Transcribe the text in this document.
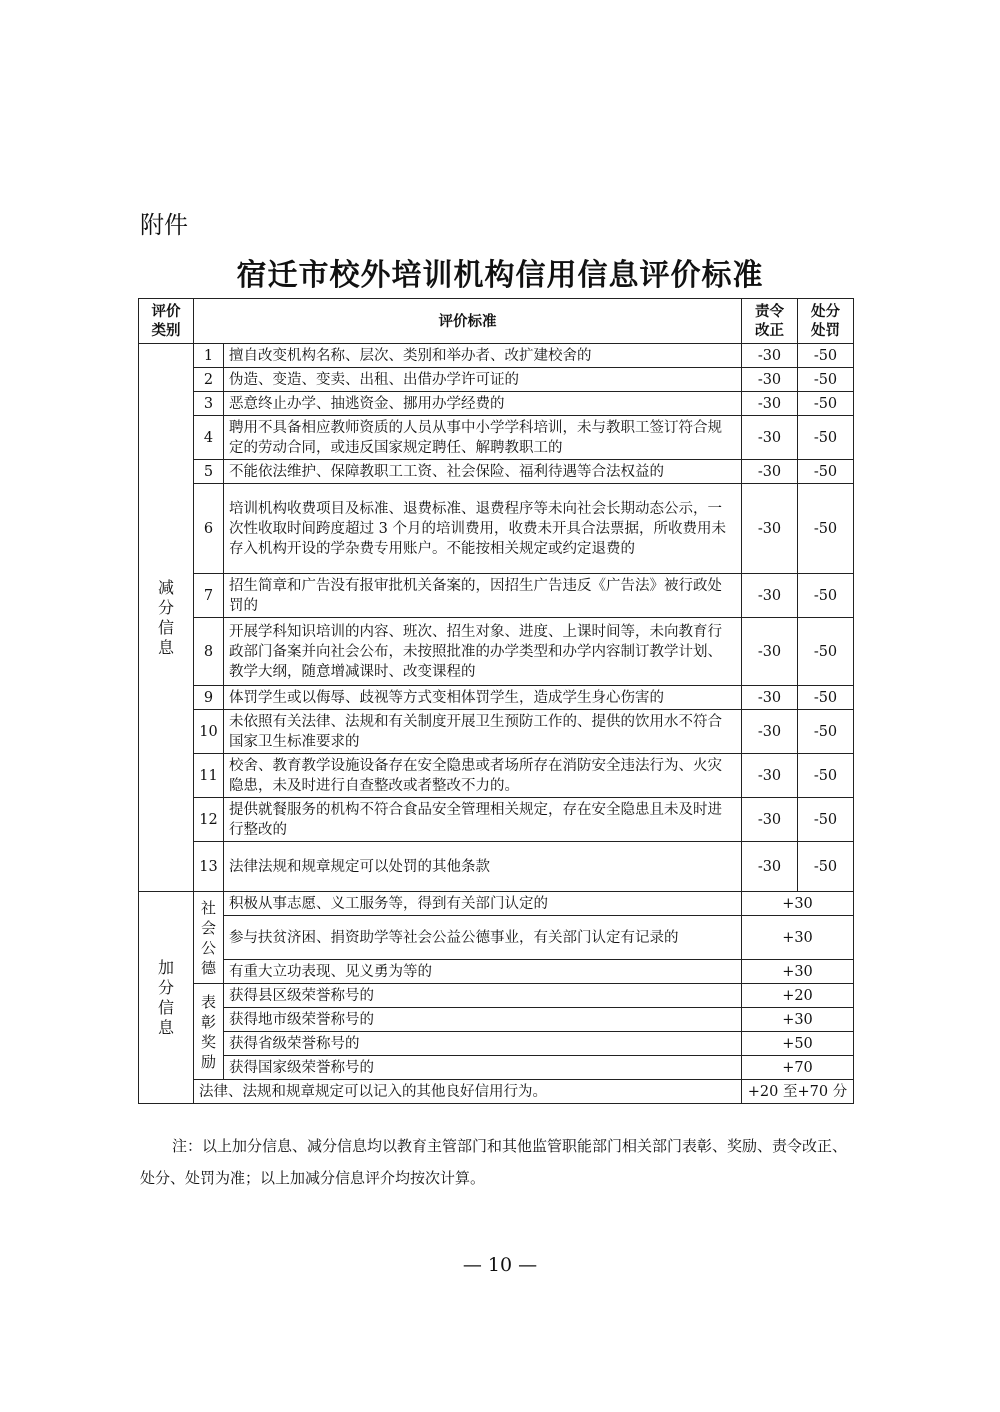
附件
宿迁市校外培训机构信用信息评价标准
评价
类别	评价标准		责令
改正	处分
处罚

减
分
信
息	1	擅自改变机构名称、层次、类别和举办者、改扩建校舍的	-30	-50
	2	伪造、变造、变卖、出租、出借办学许可证的	-30	-50
	3	恶意终止办学、抽逃资金、挪用办学经费的	-30	-50
	4	聘用不具备相应教师资质的人员从事中小学学科培训，未与教职工签订符合规定的劳动合同，或违反国家规定聘任、解聘教职工的	-30	-50
	5	不能依法维护、保障教职工工资、社会保险、福利待遇等合法权益的	-30	-50
	6	培训机构收费项目及标准、退费标准、退费程序等未向社会长期动态公示，一次性收取时间跨度超过 3 个月的培训费用，收费未开具合法票据，所收费用未存入机构开设的学杂费专用账户。不能按相关规定或约定退费的	-30	-50
	7	招生简章和广告没有报审批机关备案的，因招生广告违反《广告法》被行政处罚的	-30	-50
	8	开展学科知识培训的内容、班次、招生对象、进度、上课时间等，未向教育行政部门备案并向社会公布，未按照批准的办学类型和办学内容制订教学计划、教学大纲，随意增减课时、改变课程的	-30	-50
	9	体罚学生或以侮辱、歧视等方式变相体罚学生，造成学生身心伤害的	-30	-50
	10	未依照有关法律、法规和有关制度开展卫生预防工作的、提供的饮用水不符合国家卫生标准要求的	-30	-50
	11	校舍、教育教学设施设备存在安全隐患或者场所存在消防安全违法行为、火灾隐患，未及时进行自查整改或者整改不力的。	-30	-50
	12	提供就餐服务的机构不符合食品安全管理相关规定，存在安全隐患且未及时进行整改的	-30	-50
	13	法律法规和规章规定可以处罚的其他条款	-30	-50

加
分
信
息	社
会
公
德	积极从事志愿、义工服务等，得到有关部门认定的	+30	
		参与扶贫济困、捐资助学等社会公益公德事业，有关部门认定有记录的	+30	
		有重大立功表现、见义勇为等的	+30	

	表
彰
奖
励	获得县区级荣誉称号的	+20	
		获得地市级荣誉称号的	+30	
		获得省级荣誉称号的	+50	
		获得国家级荣誉称号的	+70	
	法律、法规和规章规定可以记入的其他良好信用行为。		+20 至+70 分	
注：以上加分信息、减分信息均以教育主管部门和其他监管职能部门相关部门表彰、奖励、责令改正、处分、处罚为准；以上加减分信息评介均按次计算。
— 10 —
